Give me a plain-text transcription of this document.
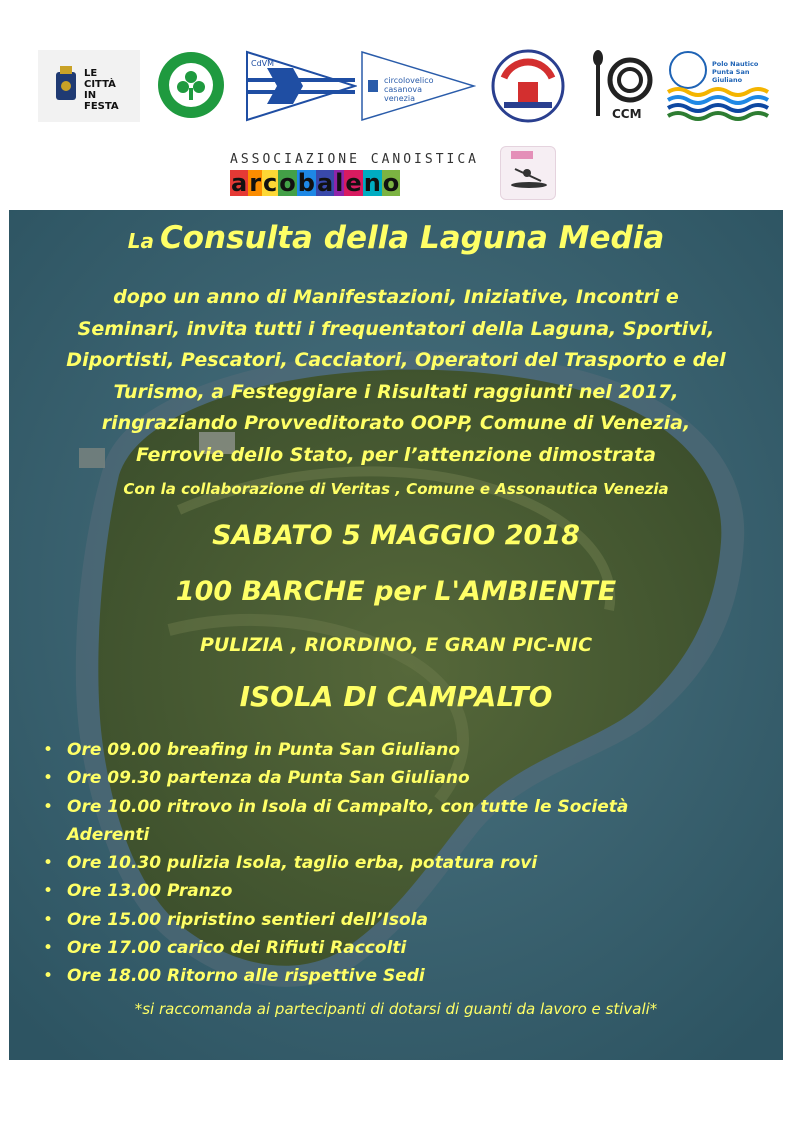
LE CITTÀ IN FESTA
CdVM
circolovelico casanova venezia
CCM
Polo Nautico Punta San Giuliano
ASSOCIAZIONE CANOISTICA
a r c o b a l e n o
La Consulta della Laguna Media
dopo un anno di Manifestazioni, Iniziative, Incontri e
Seminari, invita tutti i frequentatori della Laguna, Sportivi,
Diportisti, Pescatori, Cacciatori, Operatori del Trasporto e del
Turismo, a Festeggiare i Risultati raggiunti nel 2017,
ringraziando Provveditorato OOPP, Comune di Venezia,
Ferrovie dello Stato, per l’attenzione dimostrata
Con la collaborazione di Veritas , Comune e Assonautica Venezia
SABATO 5 MAGGIO 2018
100 BARCHE per L'AMBIENTE
PULIZIA , RIORDINO, E GRAN PIC-NIC
ISOLA DI CAMPALTO
• Ore 09.00 breafing in Punta San Giuliano
• Ore 09.30 partenza da Punta San Giuliano
• Ore 10.00 ritrovo in Isola di Campalto, con tutte le Società
Aderenti
• Ore 10.30 pulizia Isola, taglio erba, potatura rovi
• Ore 13.00 Pranzo
• Ore 15.00 ripristino sentieri dell’Isola
• Ore 17.00 carico dei Rifiuti Raccolti
• Ore 18.00 Ritorno alle rispettive Sedi
*si raccomanda ai partecipanti di dotarsi di guanti da lavoro e stivali*
